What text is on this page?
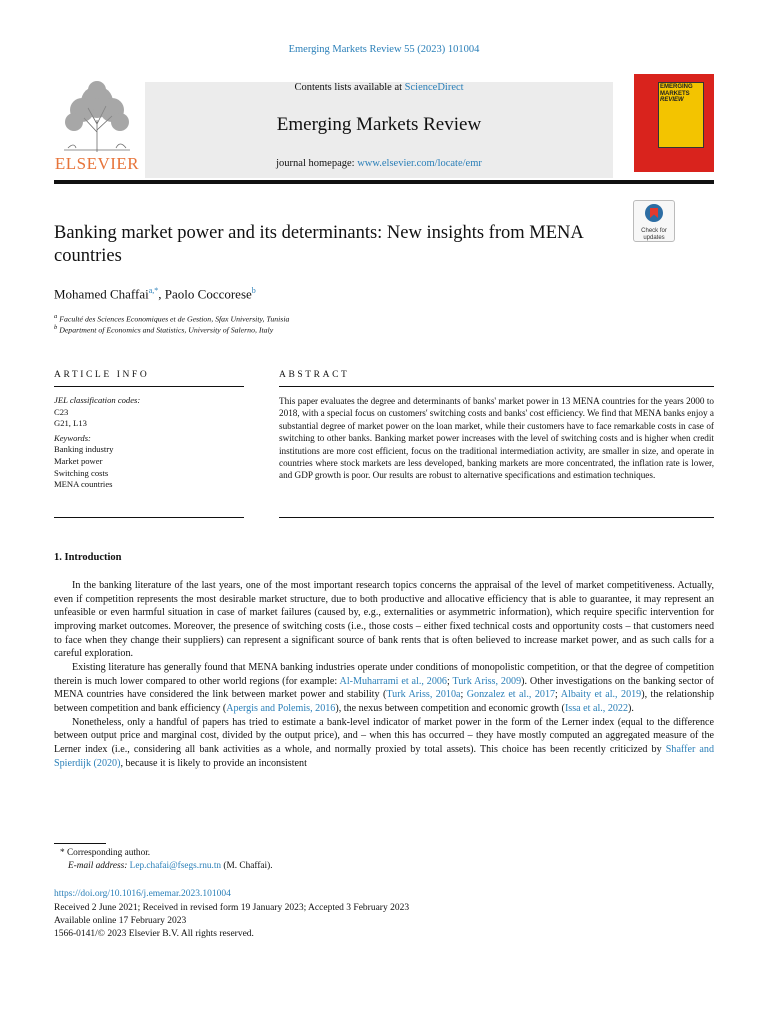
Emerging Markets Review 55 (2023) 101004
ELSEVIER
Contents lists available at ScienceDirect
Emerging Markets Review
journal homepage: www.elsevier.com/locate/emr
EMERGING
MARKETS
REVIEW
Banking market power and its determinants: New insights from MENA countries
Check for
updates
Mohamed Chaffai$^{a,*}$, Paolo Coccorese$^b$
$^a$ Faculté des Sciences Economiques et de Gestion, Sfax University, Tunisia
$^b$ Department of Economics and Statistics, University of Salerno, Italy
ARTICLE INFO
JEL classification codes:
C23
G21, L13
Keywords:
Banking industry
Market power
Switching costs
MENA countries
ABSTRACT
This paper evaluates the degree and determinants of banks' market power in 13 MENA countries for the years 2000 to 2018, with a special focus on customers' switching costs and banks' cost efficiency. We find that MENA banks enjoy a substantial degree of market power on the loan market, while their customers have to face remarkable costs in case of switching to other banks. Banking market power increases with the level of switching costs and is higher when credit institutions are more cost efficient, focus on the traditional intermediation activity, are smaller in size, and operate in countries where stock markets are less developed, banking markets are more concentrated, the inflation rate is lower, and GDP growth is poor. Our results are robust to alternative specifications and estimation techniques.
1. Introduction

In the banking literature of the last years, one of the most important research topics concerns the appraisal of the level of market competitiveness. Actually, even if competition represents the most desirable market structure, due to both productive and allocative efficiency that is able to guarantee, it may represent an unfeasible or even harmful situation in case of market failures (caused by, e.g., externalities or asymmetric information), which require specific intervention for improving market outcomes. Moreover, the presence of switching costs (i.e., those costs – either fixed technical costs and opportunity costs – that customers need to face when they change their suppliers) can represent a significant source of bank rents that is often believed to increase market power, and as such calls for a careful exploration.

Existing literature has generally found that MENA banking industries operate under conditions of monopolistic competition, or that the degree of competition therein is much lower compared to other world regions (for example: Al-Muharrami et al., 2006; Turk Ariss, 2009). Other investigations on the banking sector of MENA countries have considered the link between market power and stability (Turk Ariss, 2010a; Gonzalez et al., 2017; Albaity et al., 2019), the relationship between competition and bank efficiency (Apergis and Polemis, 2016), the nexus between competition and economic growth (Issa et al., 2022).

Nonetheless, only a handful of papers has tried to estimate a bank-level indicator of market power in the form of the Lerner index (equal to the difference between output price and marginal cost, divided by the output price), and – when this has occurred – they have mostly computed an aggregated measure of the Lerner index (i.e., considering all bank activities as a whole, and normally proxied by total assets). This choice has been recently criticized by Shaffer and Spierdijk (2020), because it is likely to provide an inconsistent

* Corresponding author.
E-mail address: Lep.chafai@fsegs.rnu.tn (M. Chaffai).
https://doi.org/10.1016/j.ememar.2023.101004
Received 2 June 2021; Received in revised form 19 January 2023; Accepted 3 February 2023
Available online 17 February 2023
1566-0141/© 2023 Elsevier B.V. All rights reserved.
